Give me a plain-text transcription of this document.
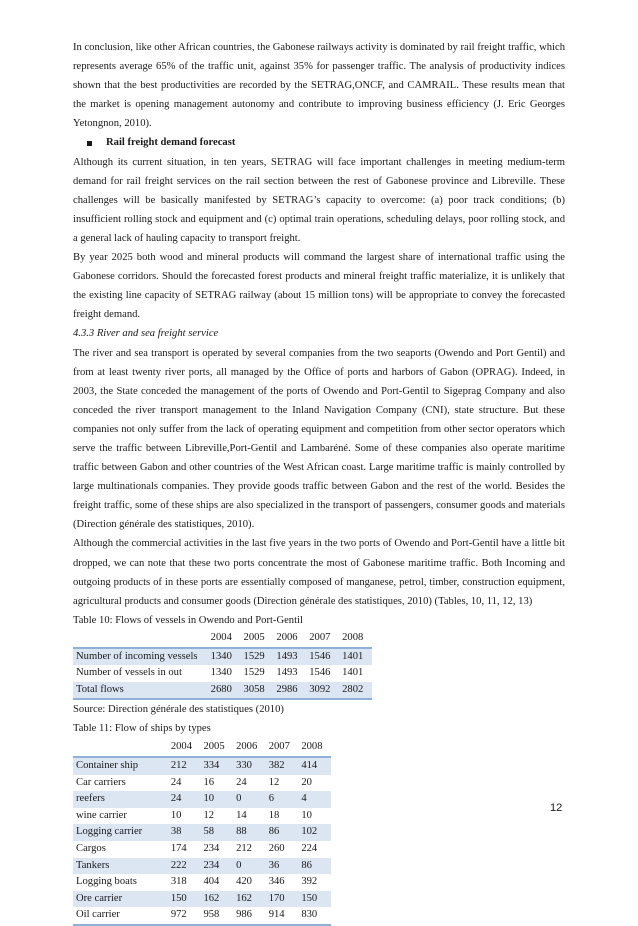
In conclusion, like other African countries, the Gabonese railways activity is dominated by rail freight traffic, which represents average 65% of the traffic unit, against 35% for passenger traffic. The analysis of productivity indices shown that the best productivities are recorded by the SETRAG,ONCF, and CAMRAIL. These results mean that the market is opening management autonomy and contribute to improving business efficiency (J. Eric Georges Yetongnon, 2010).

Rail freight demand forecast

Although its current situation, in ten years, SETRAG will face important challenges in meeting medium-term demand for rail freight services on the rail section between the rest of Gabonese province and Libreville. These challenges will be basically manifested by SETRAG’s capacity to overcome: (a) poor track conditions; (b) insufficient rolling stock and equipment and (c) optimal train operations, scheduling delays, poor rolling stock, and a general lack of hauling capacity to transport freight.

By year 2025 both wood and mineral products will command the largest share of international traffic using the Gabonese corridors. Should the forecasted forest products and mineral freight traffic materialize, it is unlikely that the existing line capacity of SETRAG railway (about 15 million tons) will be appropriate to convey the forecasted freight demand.

4.3.3 River and sea freight service

The river and sea transport is operated by several companies from the two seaports (Owendo and Port Gentil) and from at least twenty river ports, all managed by the Office of ports and harbors of Gabon (OPRAG). Indeed, in 2003, the State conceded the management of the ports of Owendo and Port-Gentil to Sigeprag Company and also conceded the river transport management to the Inland Navigation Company (CNI), state structure. But these companies not only suffer from the lack of operating equipment and competition from other sector operators which serve the traffic between Libreville,Port-Gentil and Lambaréné. Some of these companies also operate maritime traffic between Gabon and other countries of the West African coast. Large maritime traffic is mainly controlled by large multinationals companies. They provide goods traffic between Gabon and the rest of the world. Besides the freight traffic, some of these ships are also specialized in the transport of passengers, consumer goods and materials (Direction générale des statistiques, 2010).

Although the commercial activities in the last five years in the two ports of Owendo and Port-Gentil have a little bit dropped, we can note that these two ports concentrate the most of Gabonese maritime traffic. Both Incoming and outgoing products of in these ports are essentially composed of manganese, petrol, timber, construction equipment, agricultural products and consumer goods (Direction générale des statistiques, 2010) (Tables, 10, 11, 12, 13)

Table 10: Flows of vessels in Owendo and Port-Gentil

	2004	2005	2006	2007	2008
Number of incoming vessels	1340	1529	1493	1546	1401
Number of vessels in out	1340	1529	1493	1546	1401
Total flows	2680	3058	2986	3092	2802

Source: Direction générale des statistiques (2010)

Table 11: Flow of ships by types

	2004	2005	2006	2007	2008
Container ship	212	334	330	382	414
Car carriers	24	16	24	12	20
reefers	24	10	0	6	4
wine carrier	10	12	14	18	10
Logging carrier	38	58	88	86	102
Cargos	174	234	212	260	224
Tankers	222	234	0	36	86
Logging boats	318	404	420	346	392
Ore carrier	150	162	162	170	150
Oil carrier	972	958	986	914	830
12
